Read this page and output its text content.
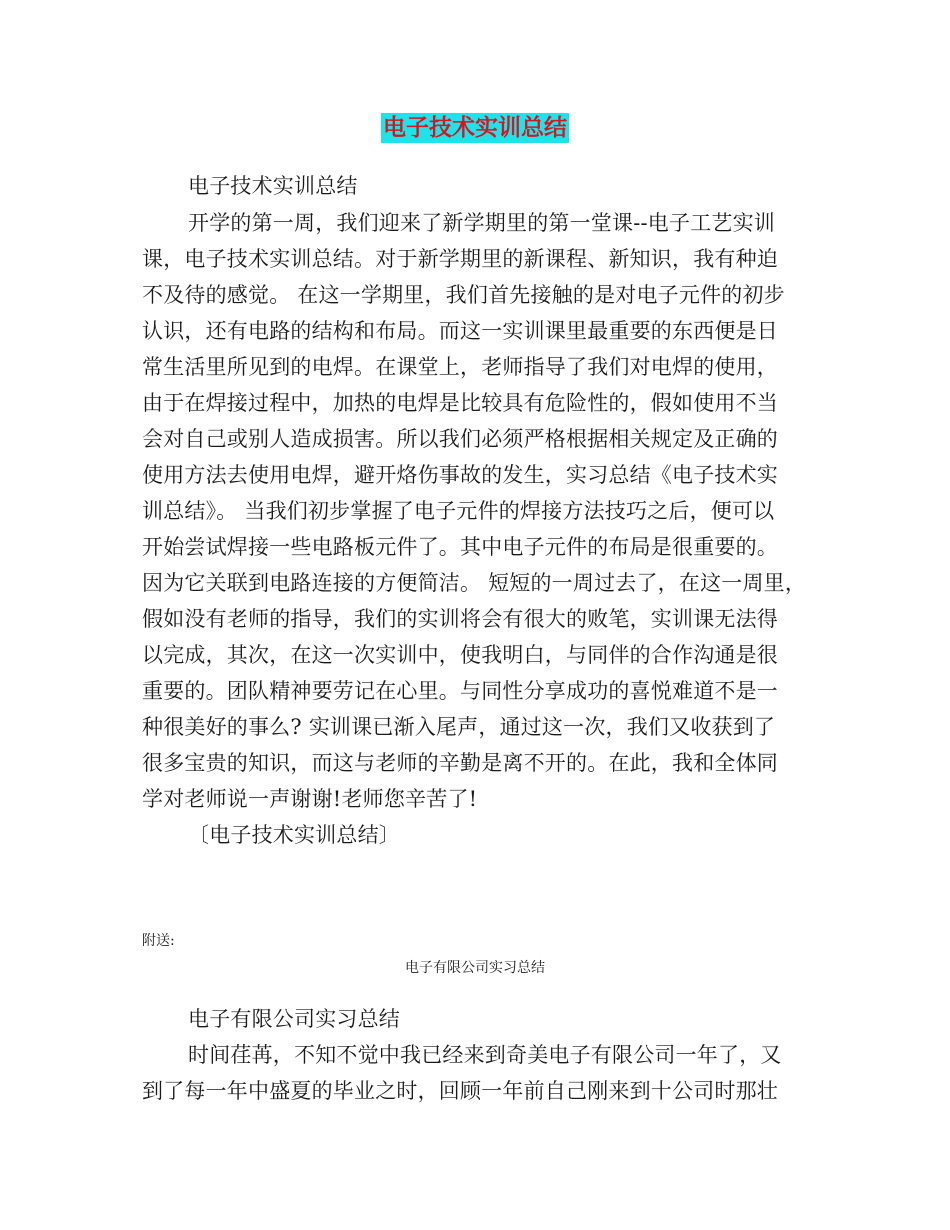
电子技术实训总结
电子技术实训总结
开学的第一周，我们迎来了新学期里的第一堂课--电子工艺实训
课，电子技术实训总结。对于新学期里的新课程、新知识，我有种迫
不及待的感觉。 在这一学期里，我们首先接触的是对电子元件的初步
认识，还有电路的结构和布局。而这一实训课里最重要的东西便是日
常生活里所见到的电焊。在课堂上，老师指导了我们对电焊的使用，
由于在焊接过程中，加热的电焊是比较具有危险性的，假如使用不当
会对自己或别人造成损害。所以我们必须严格根据相关规定及正确的
使用方法去使用电焊，避开烙伤事故的发生，实习总结《电子技术实
训总结》。 当我们初步掌握了电子元件的焊接方法技巧之后，便可以
开始尝试焊接一些电路板元件了。其中电子元件的布局是很重要的。
因为它关联到电路连接的方便简洁。 短短的一周过去了，在这一周里，
假如没有老师的指导，我们的实训将会有很大的败笔，实训课无法得
以完成，其次，在这一次实训中，使我明白，与同伴的合作沟通是很
重要的。团队精神要劳记在心里。与同性分享成功的喜悦难道不是一
种很美好的事么? 实训课已渐入尾声，通过这一次，我们又收获到了
很多宝贵的知识，而这与老师的辛勤是离不开的。在此，我和全体同
学对老师说一声谢谢!老师您辛苦了!
〔电子技术实训总结〕
附送:
电子有限公司实习总结
电子有限公司实习总结
时间荏苒，不知不觉中我已经来到奇美电子有限公司一年了，又
到了每一年中盛夏的毕业之时，回顾一年前自己刚来到十公司时那壮
